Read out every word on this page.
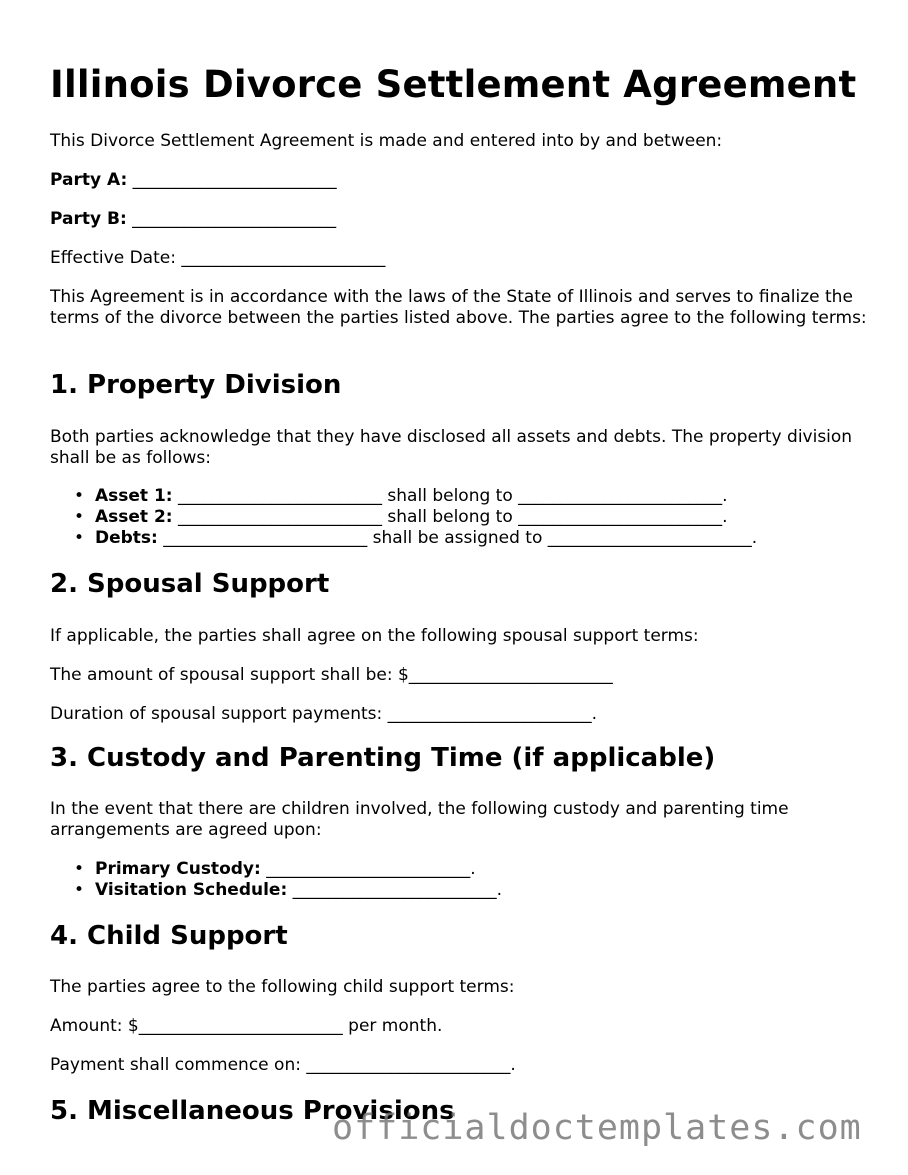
Illinois Divorce Settlement Agreement

This Divorce Settlement Agreement is made and entered into by and between:

Party A: ________________________

Party B: ________________________

Effective Date: ________________________

This Agreement is in accordance with the laws of the State of Illinois and serves to finalize the terms of the divorce between the parties listed above. The parties agree to the following terms:

1. Property Division

Both parties acknowledge that they have disclosed all assets and debts. The property division shall be as follows:

• Asset 1: ________________________ shall belong to ________________________.
• Asset 2: ________________________ shall belong to ________________________.
• Debts: ________________________ shall be assigned to ________________________.
2. Spousal Support

If applicable, the parties shall agree on the following spousal support terms:

The amount of spousal support shall be: $________________________

Duration of spousal support payments: ________________________.

3. Custody and Parenting Time (if applicable)

In the event that there are children involved, the following custody and parenting time arrangements are agreed upon:

• Primary Custody: ________________________.
• Visitation Schedule: ________________________.
4. Child Support

The parties agree to the following child support terms:

Amount: $________________________ per month.

Payment shall commence on: ________________________.

5. Miscellaneous Provisions
officialdoctemplates.com
